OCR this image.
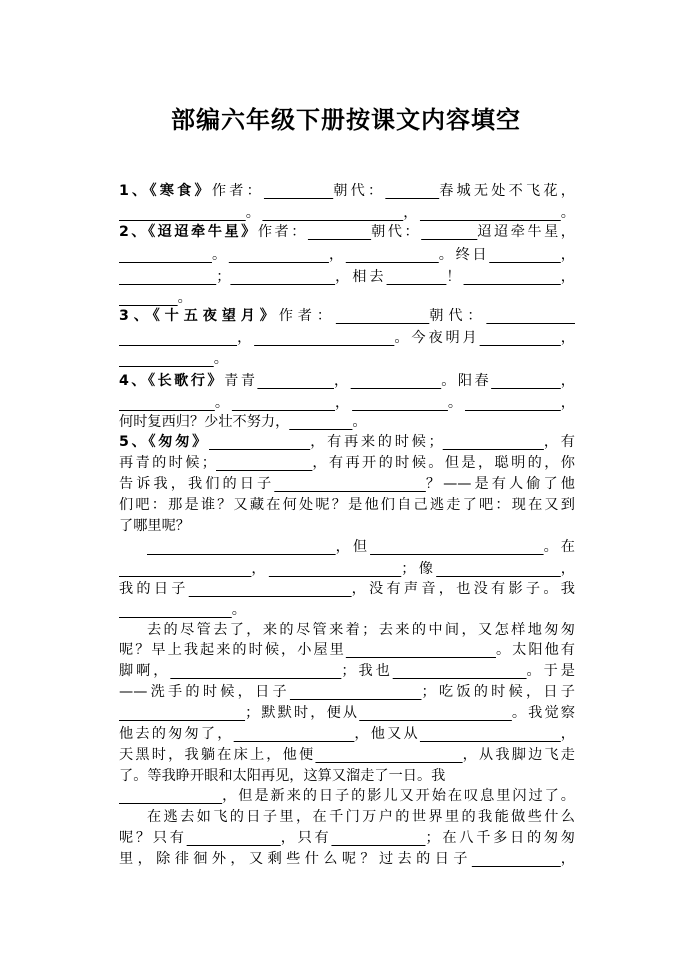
部编六年级下册按课文内容填空
1、《寒食》作者：	朝代：	春城无处不飞花，
。	，	。
2、《迢迢牵牛星》作者：	朝代：	迢迢牵牛星，
。	，	。终日	，
；	，相去	！	，
。
3、《十五夜望月》作者：	朝代：
，	。今夜明月	，
。
4、《长歌行》青青	，	。阳春	，
。	，	。	，
何时复西归？少壮不努力，	。
5、《匆匆》	，有再来的时候；	，有
再青的时候；	，有再开的时候。但是，聪明的，你
告诉我，我们的日子	？——是有人偷了他
们吧：那是谁？又藏在何处呢？是他们自己逃走了吧：现在又到
了哪里呢？
，但	。在
，	；像	，
我的日子	，没有声音，也没有影子。我
。
去的尽管去了，来的尽管来着；去来的中间，又怎样地匆匆
呢？早上我起来的时候，小屋里	。太阳他有
脚啊，	；我也	。于是
——洗手的时候，日子	；吃饭的时候，日子
；默默时，便从	。我觉察
他去的匆匆了，	，他又从	，
天黑时，我躺在床上，他便	，从我脚边飞走
了。等我睁开眼和太阳再见，这算又溜走了一日。我
，但是新来的日子的影儿又开始在叹息里闪过了。
在逃去如飞的日子里，在千门万户的世界里的我能做些什么
呢？只有	，只有	；在八千多日的匆匆
里，除徘徊外，又剩些什么呢？过去的日子	，
